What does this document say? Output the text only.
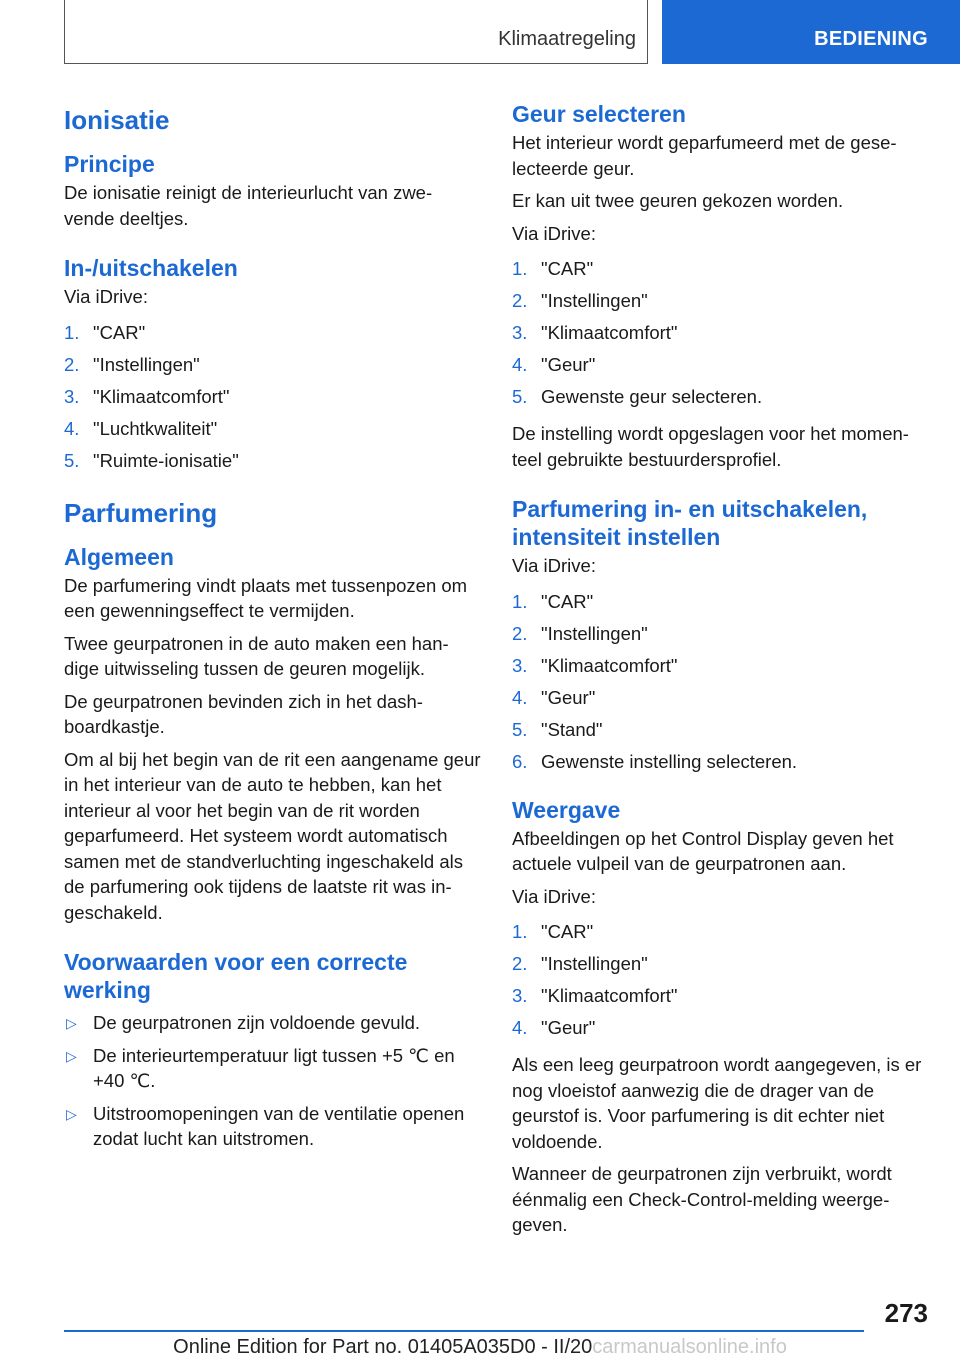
Klimaatregeling	BEDIENING
Ionisatie
Principe

De ionisatie reinigt de interieurlucht van zwe-vende deeltjes.

In-/uitschakelen

Via iDrive:

1. "CAR"
2. "Instellingen"
3. "Klimaatcomfort"
4. "Luchtkwaliteit"
5. "Ruimte-ionisatie"
Parfumering
Algemeen

De parfumering vindt plaats met tussenpozen om een gewenningseffect te vermijden.

Twee geurpatronen in de auto maken een han-dige uitwisseling tussen de geuren mogelijk.

De geurpatronen bevinden zich in het dash-boardkastje.

Om al bij het begin van de rit een aangename geur in het interieur van de auto te hebben, kan het interieur al voor het begin van de rit worden geparfumeerd. Het systeem wordt automatisch samen met de standverluchting ingeschakeld als de parfumering ook tijdens de laatste rit was in-geschakeld.

Voorwaarden voor een correcte werking
▷ De geurpatronen zijn voldoende gevuld.
▷ De interieurtemperatuur ligt tussen +5 ℃ en +40 ℃.
▷ Uitstroomopeningen van de ventilatie openen zodat lucht kan uitstromen.
Geur selecteren

Het interieur wordt geparfumeerd met de gese-lecteerde geur.

Er kan uit twee geuren gekozen worden.

Via iDrive:

1. "CAR"
2. "Instellingen"
3. "Klimaatcomfort"
4. "Geur"
5. Gewenste geur selecteren.

De instelling wordt opgeslagen voor het momen-teel gebruikte bestuurdersprofiel.

Parfumering in- en uitschakelen, intensiteit instellen

Via iDrive:

1. "CAR"
2. "Instellingen"
3. "Klimaatcomfort"
4. "Geur"
5. "Stand"
6. Gewenste instelling selecteren.
Weergave

Afbeeldingen op het Control Display geven het actuele vulpeil van de geurpatronen aan.

Via iDrive:

1. "CAR"
2. "Instellingen"
3. "Klimaatcomfort"
4. "Geur"

Als een leeg geurpatroon wordt aangegeven, is er nog vloeistof aanwezig die de drager van de geurstof is. Voor parfumering is dit echter niet voldoende.

Wanneer de geurpatronen zijn verbruikt, wordt éénmalig een Check-Control-melding weerge-geven.

273
Online Edition for Part no. 01405A035D0 - II/20carmanualsonline.info
